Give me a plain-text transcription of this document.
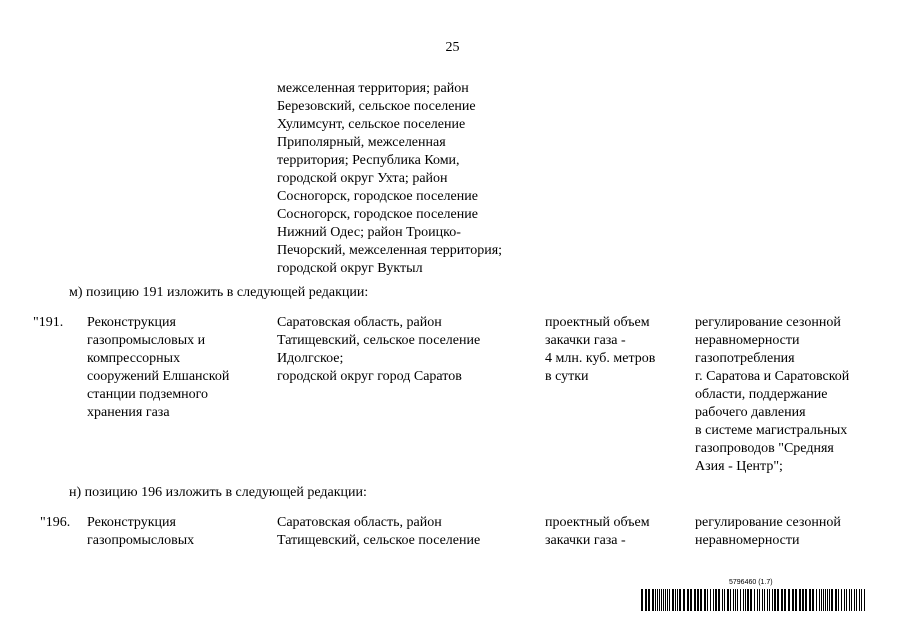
25
межселенная территория; район
Березовский, сельское поселение
Хулимсунт, сельское поселение
Приполярный, межселенная
территория; Республика Коми,
городской округ Ухта; район
Сосногорск, городское поселение
Сосногорск, городское поселение
Нижний Одес; район Троицко-
Печорский, межселенная территория;
городской округ Вуктыл
м) позицию 191 изложить в следующей редакции:
"191. Реконструкция
газопромысловых и
компрессорных
сооружений Елшанской
станции подземного
хранения газа
Саратовская область, район
Татищевский, сельское поселение
Идолгское;
городской округ город Саратов
проектный объем
закачки газа -
4 млн. куб. метров
в сутки
регулирование сезонной
неравномерности
газопотребления
г. Саратова и Саратовской
области, поддержание
рабочего давления
в системе магистральных
газопроводов "Средняя
Азия - Центр";
н) позицию 196 изложить в следующей редакции:
"196. Реконструкция
газопромысловых
Саратовская область, район
Татищевский, сельское поселение
проектный объем
закачки газа -
регулирование сезонной
неравномерности
5796460 (1.7)
